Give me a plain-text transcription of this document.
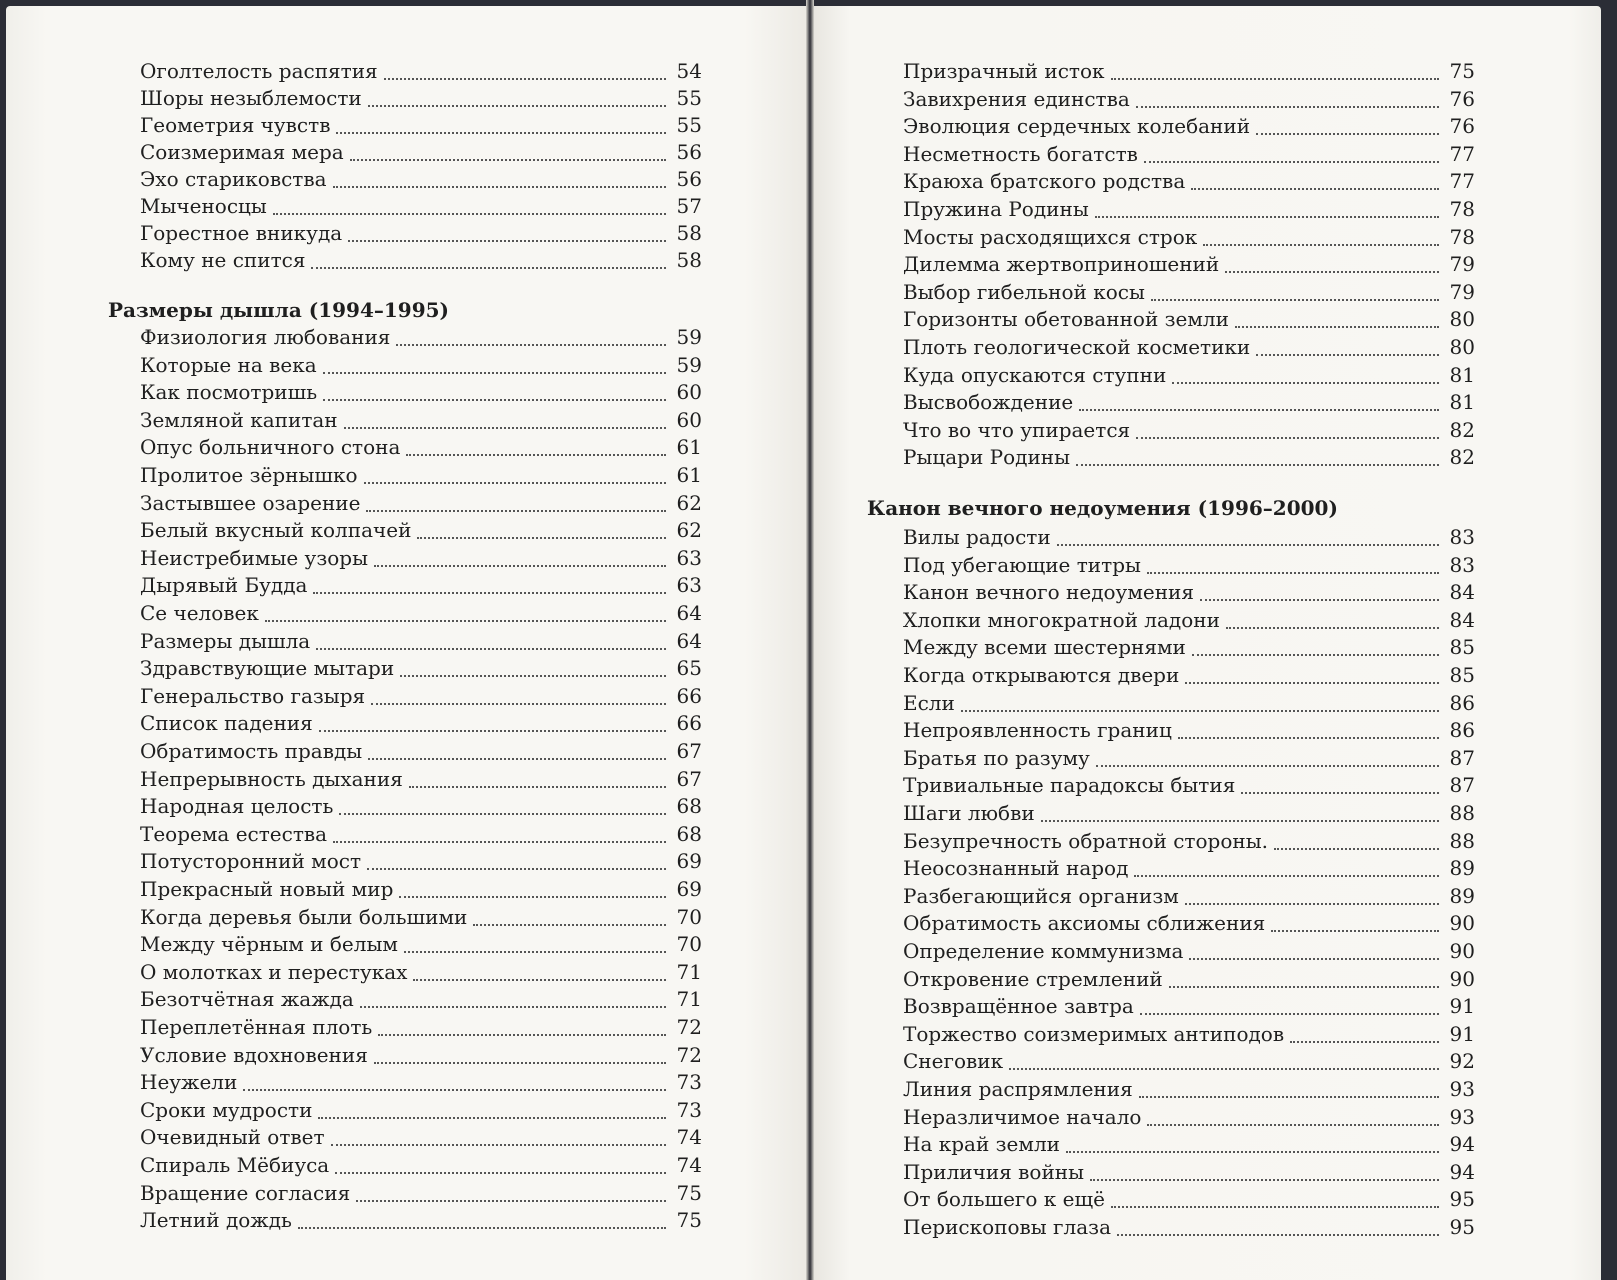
Оголтелость распятия	54
Шоры незыблемости	55
Геометрия чувств	55
Соизмеримая мера	56
Эхо стариковства	56
Мыченосцы	57
Горестное вникуда	58
Кому не спится	58
Размеры дышла (1994–1995)
Физиология любования	59
Которые на века	59
Как посмотришь	60
Земляной капитан	60
Опус больничного стона	61
Пролитое зёрнышко	61
Застывшее озарение	62
Белый вкусный колпачей	62
Неистребимые узоры	63
Дырявый Будда	63
Се человек	64
Размеры дышла	64
Здравствующие мытари	65
Генеральство газыря	66
Список падения	66
Обратимость правды	67
Непрерывность дыхания	67
Народная целость	68
Теорема естества	68
Потусторонний мост	69
Прекрасный новый мир	69
Когда деревья были большими	70
Между чёрным и белым	70
О молотках и перестуках	71
Безотчётная жажда	71
Переплетённая плоть	72
Условие вдохновения	72
Неужели	73
Сроки мудрости	73
Очевидный ответ	74
Спираль Мёбиуса	74
Вращение согласия	75
Летний дождь	75
Призрачный исток	75
Завихрения единства	76
Эволюция сердечных колебаний	76
Несметность богатств	77
Краюха братского родства	77
Пружина Родины	78
Мосты расходящихся строк	78
Дилемма жертвоприношений	79
Выбор гибельной косы	79
Горизонты обетованной земли	80
Плоть геологической косметики	80
Куда опускаются ступни	81
Высвобождение	81
Что во что упирается	82
Рыцари Родины	82
Канон вечного недоумения (1996–2000)
Вилы радости	83
Под убегающие титры	83
Канон вечного недоумения	84
Хлопки многократной ладони	84
Между всеми шестернями	85
Когда открываются двери	85
Если	86
Непроявленность границ	86
Братья по разуму	87
Тривиальные парадоксы бытия	87
Шаги любви	88
Безупречность обратной стороны.	88
Неосознанный народ	89
Разбегающийся организм	89
Обратимость аксиомы сближения	90
Определение коммунизма	90
Откровение стремлений	90
Возвращённое завтра	91
Торжество соизмеримых антиподов	91
Снеговик	92
Линия распрямления	93
Неразличимое начало	93
На край земли	94
Приличия войны	94
От большего к ещё	95
Перископовы глаза	95
